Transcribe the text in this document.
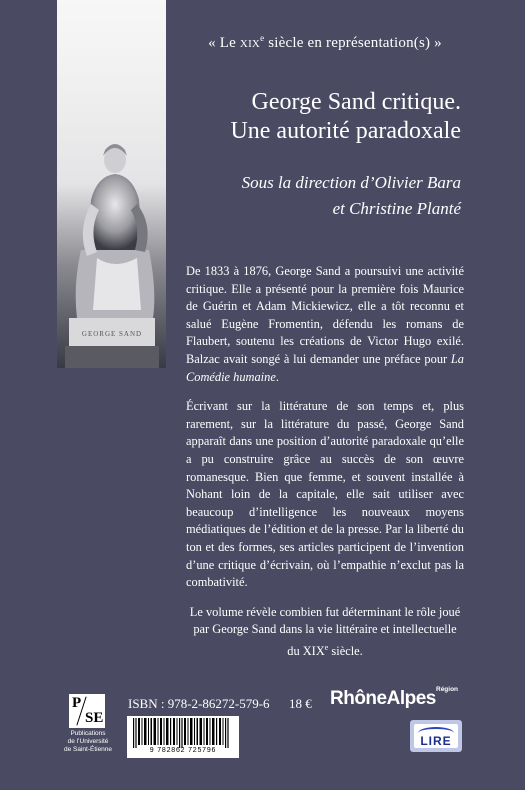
GEORGE SAND
« Le xix$^e$ siècle en représentation(s) »
George Sand critique.
Une autorité paradoxale
Sous la direction d’Olivier Bara
et Christine Planté

De 1833 à 1876, George Sand a poursuivi une activité critique. Elle a présenté pour la première fois Maurice de Guérin et Adam Mickiewicz, elle a tôt reconnu et salué Eugène Fromentin, défendu les romans de Flaubert, soutenu les créations de Victor Hugo exilé. Balzac avait songé à lui demander une préface pour La Comédie humaine.

Écrivant sur la littérature de son temps et, plus rarement, sur la littérature du passé, George Sand apparaît dans une position d’autorité paradoxale qu’elle a pu construire grâce au succès de son œuvre romanesque. Bien que femme, et souvent installée à Nohant loin de la capitale, elle sait utiliser avec beaucoup d’intelligence les nouveaux moyens médiatiques de l’édition et de la presse. Par la liberté du ton et des formes, ses articles participent de l’invention d’une critique d’écrivain, où l’empathie n’exclut pas la combativité.

Le volume révèle combien fut déterminant le rôle joué par George Sand dans la vie littéraire et intellectuelle du XIXe siècle.

P
SE
Publications
de l’Université
de Saint-Étienne
ISBN : 978-2-86272-579-6 18 €
9 782862 725796
RhôneAlpes Région
LIRE
